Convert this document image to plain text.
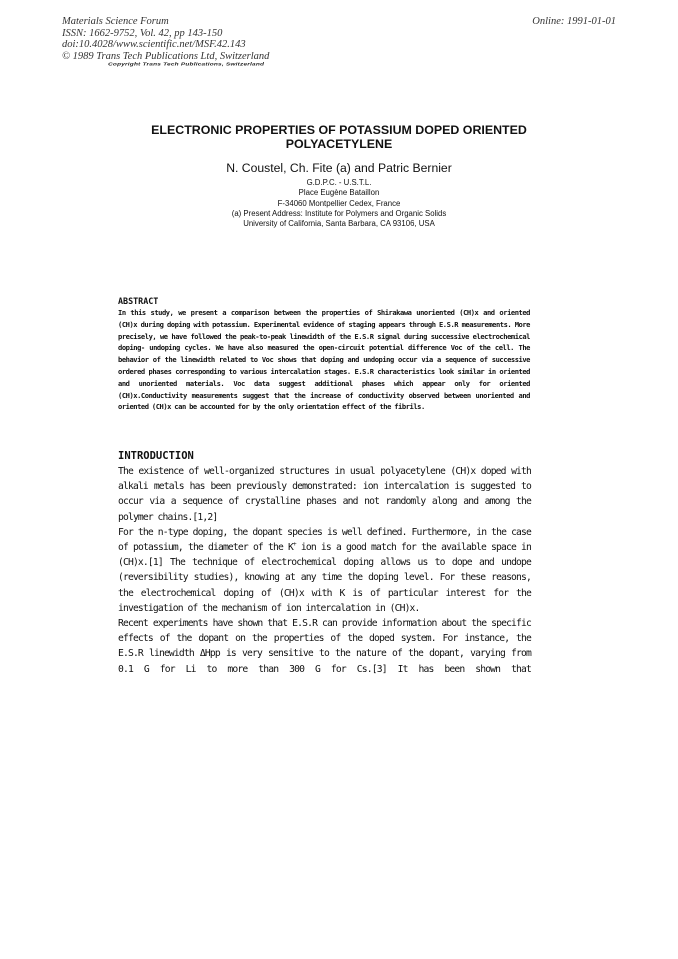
Materials Science Forum
ISSN: 1662-9752, Vol. 42, pp 143-150
doi:10.4028/www.scientific.net/MSF.42.143
© 1989 Trans Tech Publications Ltd, Switzerland
Online: 1991-01-01
Copyright Trans Tech Publications, Switzerland
ELECTRONIC PROPERTIES OF POTASSIUM DOPED ORIENTED POLYACETYLENE
N. Coustel, Ch. Fite (a) and Patric Bernier
G.D.P.C. - U.S.T.L.
Place Eugène Bataillon
F-34060 Montpellier Cedex, France
(a) Present Address: Institute for Polymers and Organic Solids
University of California, Santa Barbara, CA 93106, USA
ABSTRACT
In this study, we present a comparison between the properties of Shirakawa unoriented (CH)x and oriented (CH)x during doping with potassium. Experimental evidence of staging appears through E.S.R measurements. More precisely, we have followed the peak-to-peak linewidth of the E.S.R signal during successive electrochemical doping- undoping cycles. We have also measured the open-circuit potential difference Voc of the cell. The behavior of the linewidth related to Voc shows that doping and undoping occur via a sequence of successive ordered phases corresponding to various intercalation stages. E.S.R characteristics look similar in oriented and unoriented materials. Voc data suggest additional phases which appear only for oriented (CH)x.Conductivity measurements suggest that the increase of conductivity observed between unoriented and oriented (CH)x can be accounted for by the only orientation effect of the fibrils.
INTRODUCTION

The existence of well-organized structures in usual polyacetylene (CH)x doped with alkali metals has been previously demonstrated: ion intercalation is suggested to occur via a sequence of crystalline phases and not randomly along and among the polymer chains.[1,2]

For the n-type doping, the dopant species is well defined. Furthermore, in the case of potassium, the diameter of the K+ ion is a good match for the available space in (CH)x.[1] The technique of electrochemical doping allows us to dope and undope (reversibility studies), knowing at any time the doping level. For these reasons, the electrochemical doping of (CH)x with K is of particular interest for the investigation of the mechanism of ion intercalation in (CH)x.

Recent experiments have shown that E.S.R can provide information about the specific effects of the dopant on the properties of the doped system. For instance, the E.S.R linewidth ΔHpp is very sensitive to the nature of the dopant, varying from 0.1 G for Li to more than 300 G for Cs.[3] It has been shown that
